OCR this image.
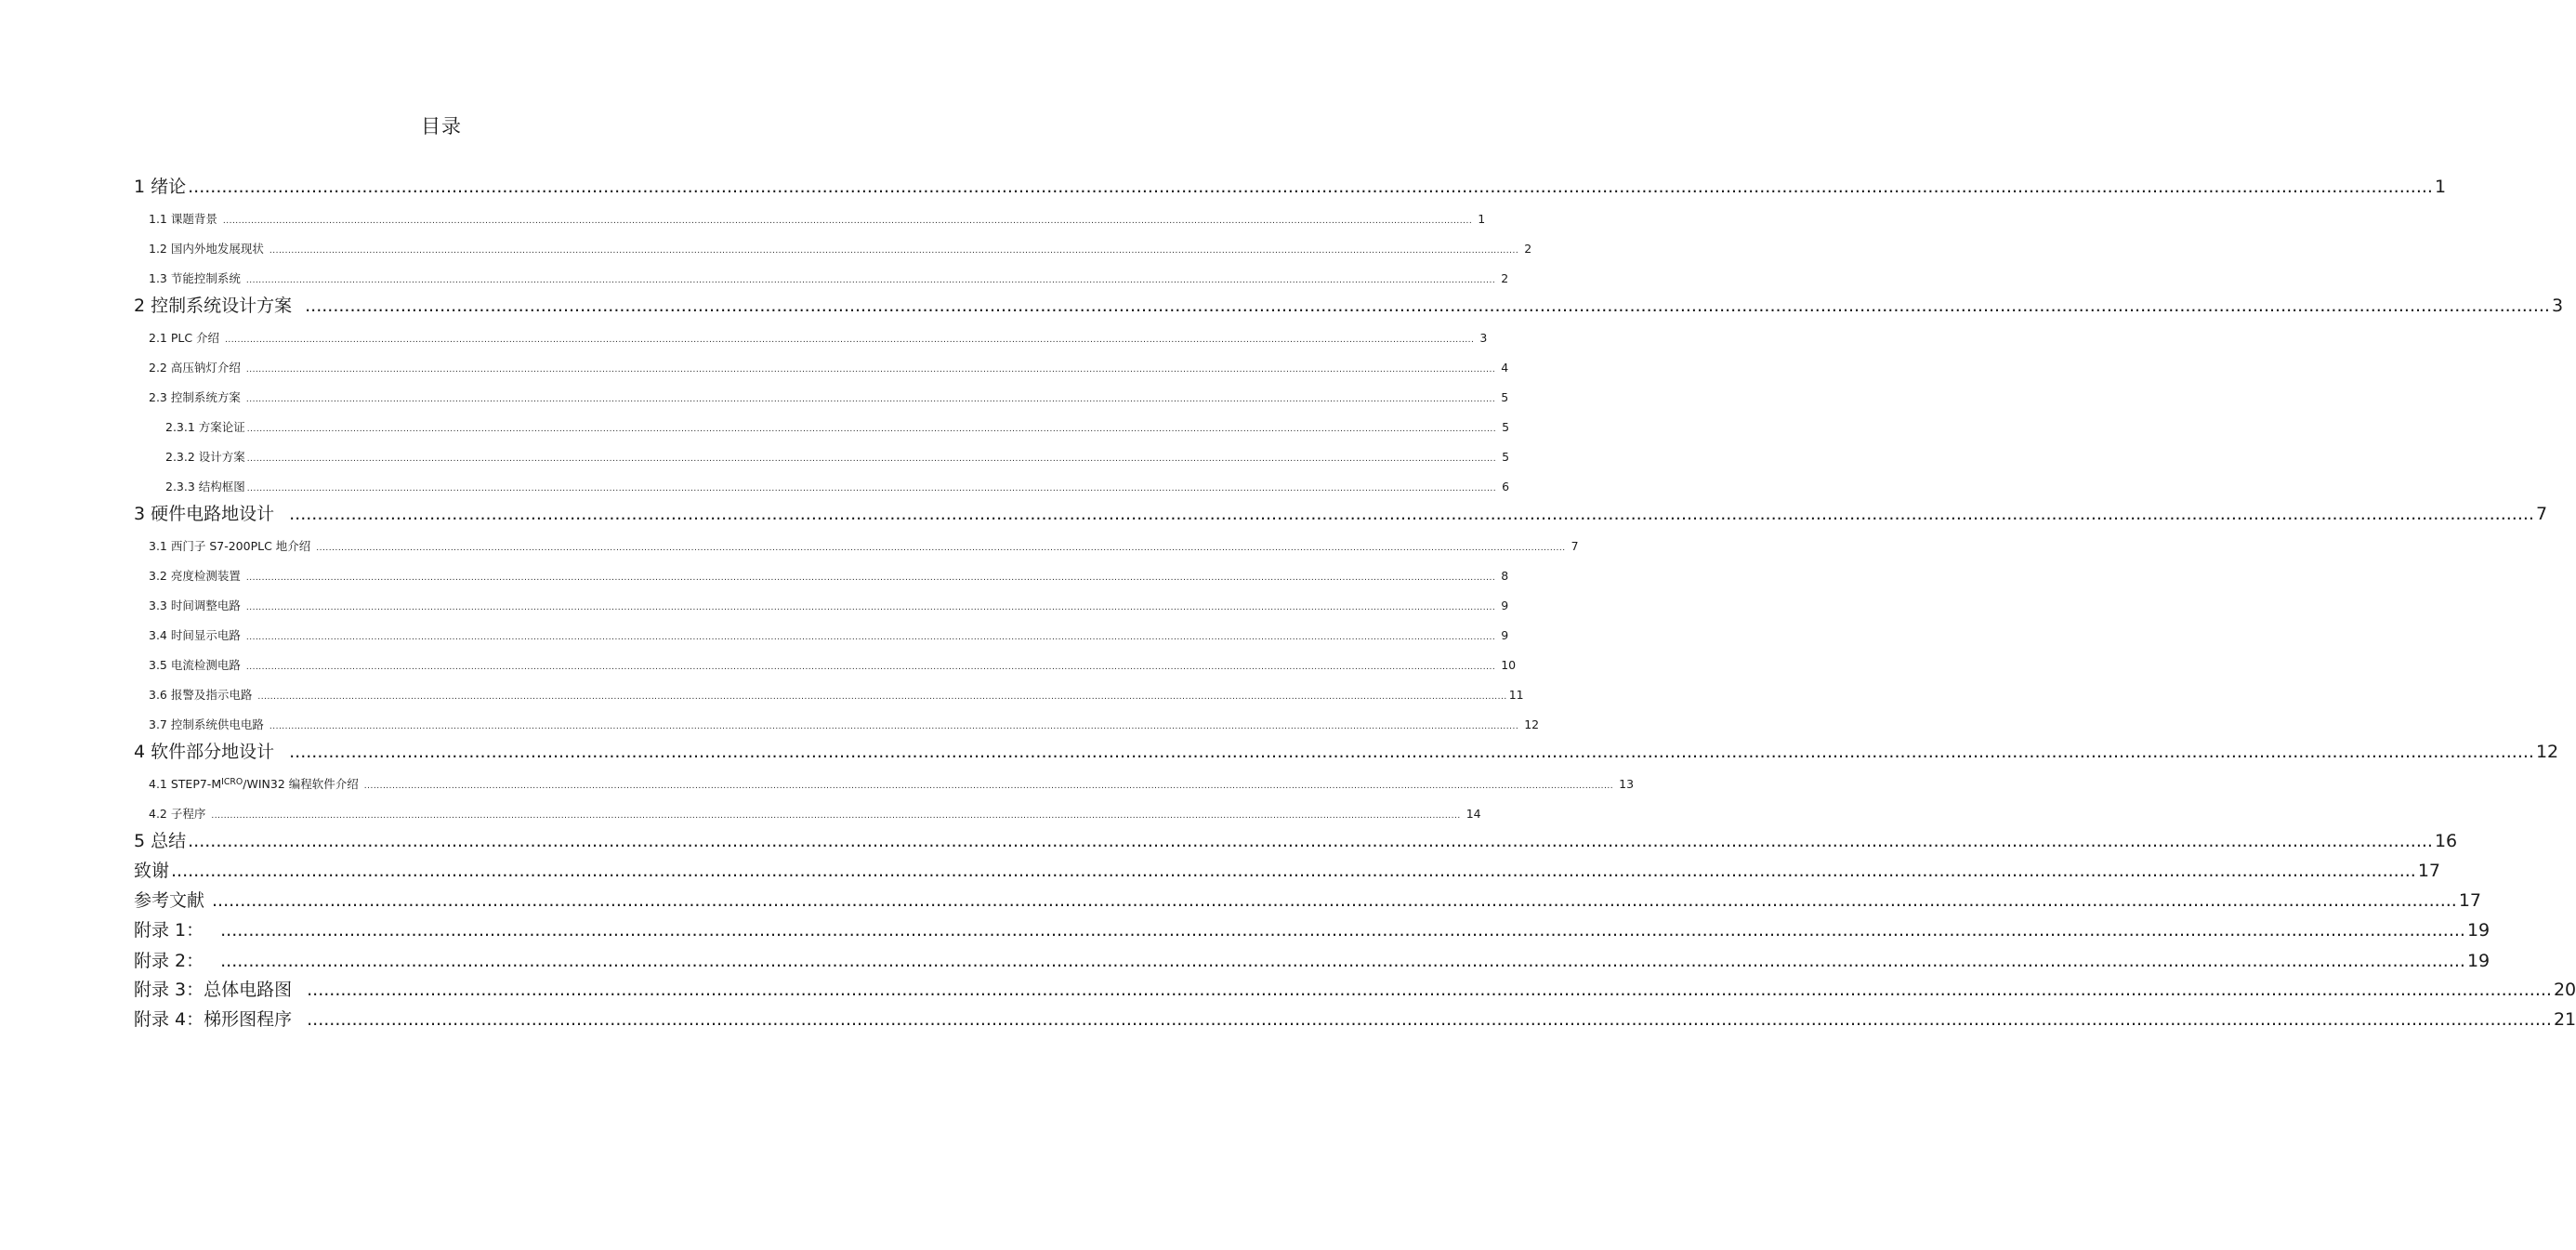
目录
1 绪论 ................................................................................................................................................................................................................................................................................................................................................................................................................ 1
1.1 课题背景 ................................................................................................................................................................................................................................................................................................................................................................................................................ 1
1.2 国内外地发展现状 ................................................................................................................................................................................................................................................................................................................................................................................................................ 2
1.3 节能控制系统 ................................................................................................................................................................................................................................................................................................................................................................................................................ 2
2 控制系统设计方案 ................................................................................................................................................................................................................................................................................................................................................................................................................ 3
2.1 PLC 介绍 ................................................................................................................................................................................................................................................................................................................................................................................................................ 3
2.2 高压钠灯介绍 ................................................................................................................................................................................................................................................................................................................................................................................................................ 4
2.3 控制系统方案 ................................................................................................................................................................................................................................................................................................................................................................................................................ 5
2.3.1 方案论证 ................................................................................................................................................................................................................................................................................................................................................................................................................ 5
2.3.2 设计方案 ................................................................................................................................................................................................................................................................................................................................................................................................................ 5
2.3.3 结构框图 ................................................................................................................................................................................................................................................................................................................................................................................................................ 6
3 硬件电路地设计 ................................................................................................................................................................................................................................................................................................................................................................................................................ 7
3.1 西门子 S7-200PLC 地介绍 ................................................................................................................................................................................................................................................................................................................................................................................................................ 7
3.2 亮度检测装置 ................................................................................................................................................................................................................................................................................................................................................................................................................ 8
3.3 时间调整电路 ................................................................................................................................................................................................................................................................................................................................................................................................................ 9
3.4 时间显示电路 ................................................................................................................................................................................................................................................................................................................................................................................................................ 9
3.5 电流检测电路 ................................................................................................................................................................................................................................................................................................................................................................................................................ 10
3.6 报警及指示电路 ................................................................................................................................................................................................................................................................................................................................................................................................................ 11
3.7 控制系统供电电路 ................................................................................................................................................................................................................................................................................................................................................................................................................ 12
4 软件部分地设计 ................................................................................................................................................................................................................................................................................................................................................................................................................ 12
4.1 $STEP7-M^{ICRO}/WIN32$ 编程软件介绍 ................................................................................................................................................................................................................................................................................................................................................................................................................ 13
4.2 子程序 ................................................................................................................................................................................................................................................................................................................................................................................................................ 14
5 总结 ................................................................................................................................................................................................................................................................................................................................................................................................................ 16
致谢 ................................................................................................................................................................................................................................................................................................................................................................................................................ 17
参考文献 ................................................................................................................................................................................................................................................................................................................................................................................................................ 17
附录 1： ................................................................................................................................................................................................................................................................................................................................................................................................................ 19
附录 2： ................................................................................................................................................................................................................................................................................................................................................................................................................ 19
附录 3：总体电路图 ................................................................................................................................................................................................................................................................................................................................................................................................................ 20
附录 4：梯形图程序 ................................................................................................................................................................................................................................................................................................................................................................................................................ 21
